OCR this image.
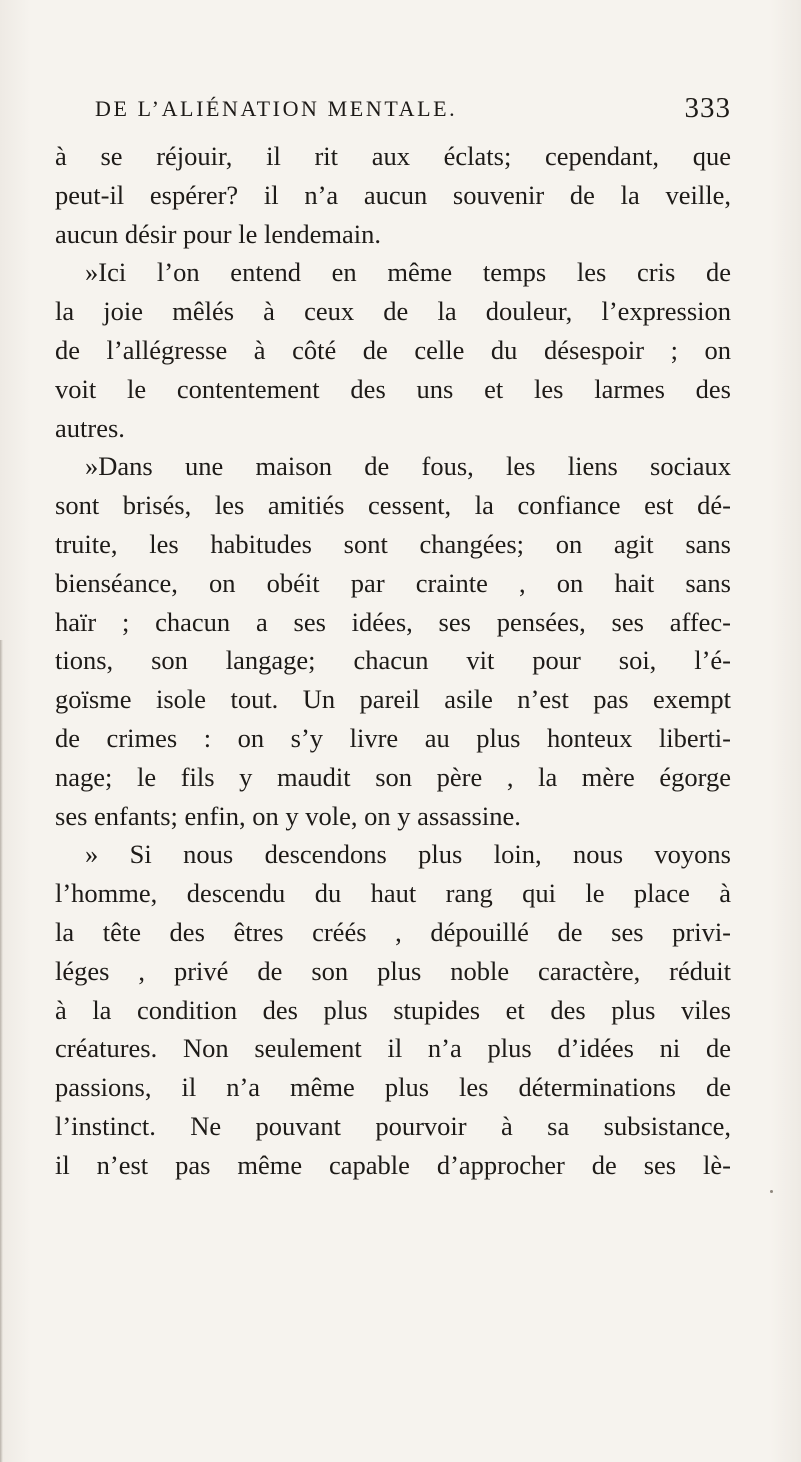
DE L’ALIÉNATION MENTALE.	333
à se réjouir, il rit aux éclats; cependant, que
peut-il espérer? il n’a aucun souvenir de la veille,
aucun désir pour le lendemain.
»Ici l’on entend en même temps les cris de
la joie mêlés à ceux de la douleur, l’expression
de l’allégresse à côté de celle du désespoir ; on
voit le contentement des uns et les larmes des
autres.
»Dans une maison de fous, les liens sociaux
sont brisés, les amitiés cessent, la confiance est dé-
truite, les habitudes sont changées; on agit sans
bienséance, on obéit par crainte , on hait sans
haïr ; chacun a ses idées, ses pensées, ses affec-
tions, son langage; chacun vit pour soi, l’é-
goïsme isole tout. Un pareil asile n’est pas exempt
de crimes : on s’y livre au plus honteux liberti-
nage; le fils y maudit son père , la mère égorge
ses enfants; enfin, on y vole, on y assassine.
» Si nous descendons plus loin, nous voyons
l’homme, descendu du haut rang qui le place à
la tête des êtres créés , dépouillé de ses privi-
léges , privé de son plus noble caractère, réduit
à la condition des plus stupides et des plus viles
créatures. Non seulement il n’a plus d’idées ni de
passions, il n’a même plus les déterminations de
l’instinct. Ne pouvant pourvoir à sa subsistance,
il n’est pas même capable d’approcher de ses lè-
